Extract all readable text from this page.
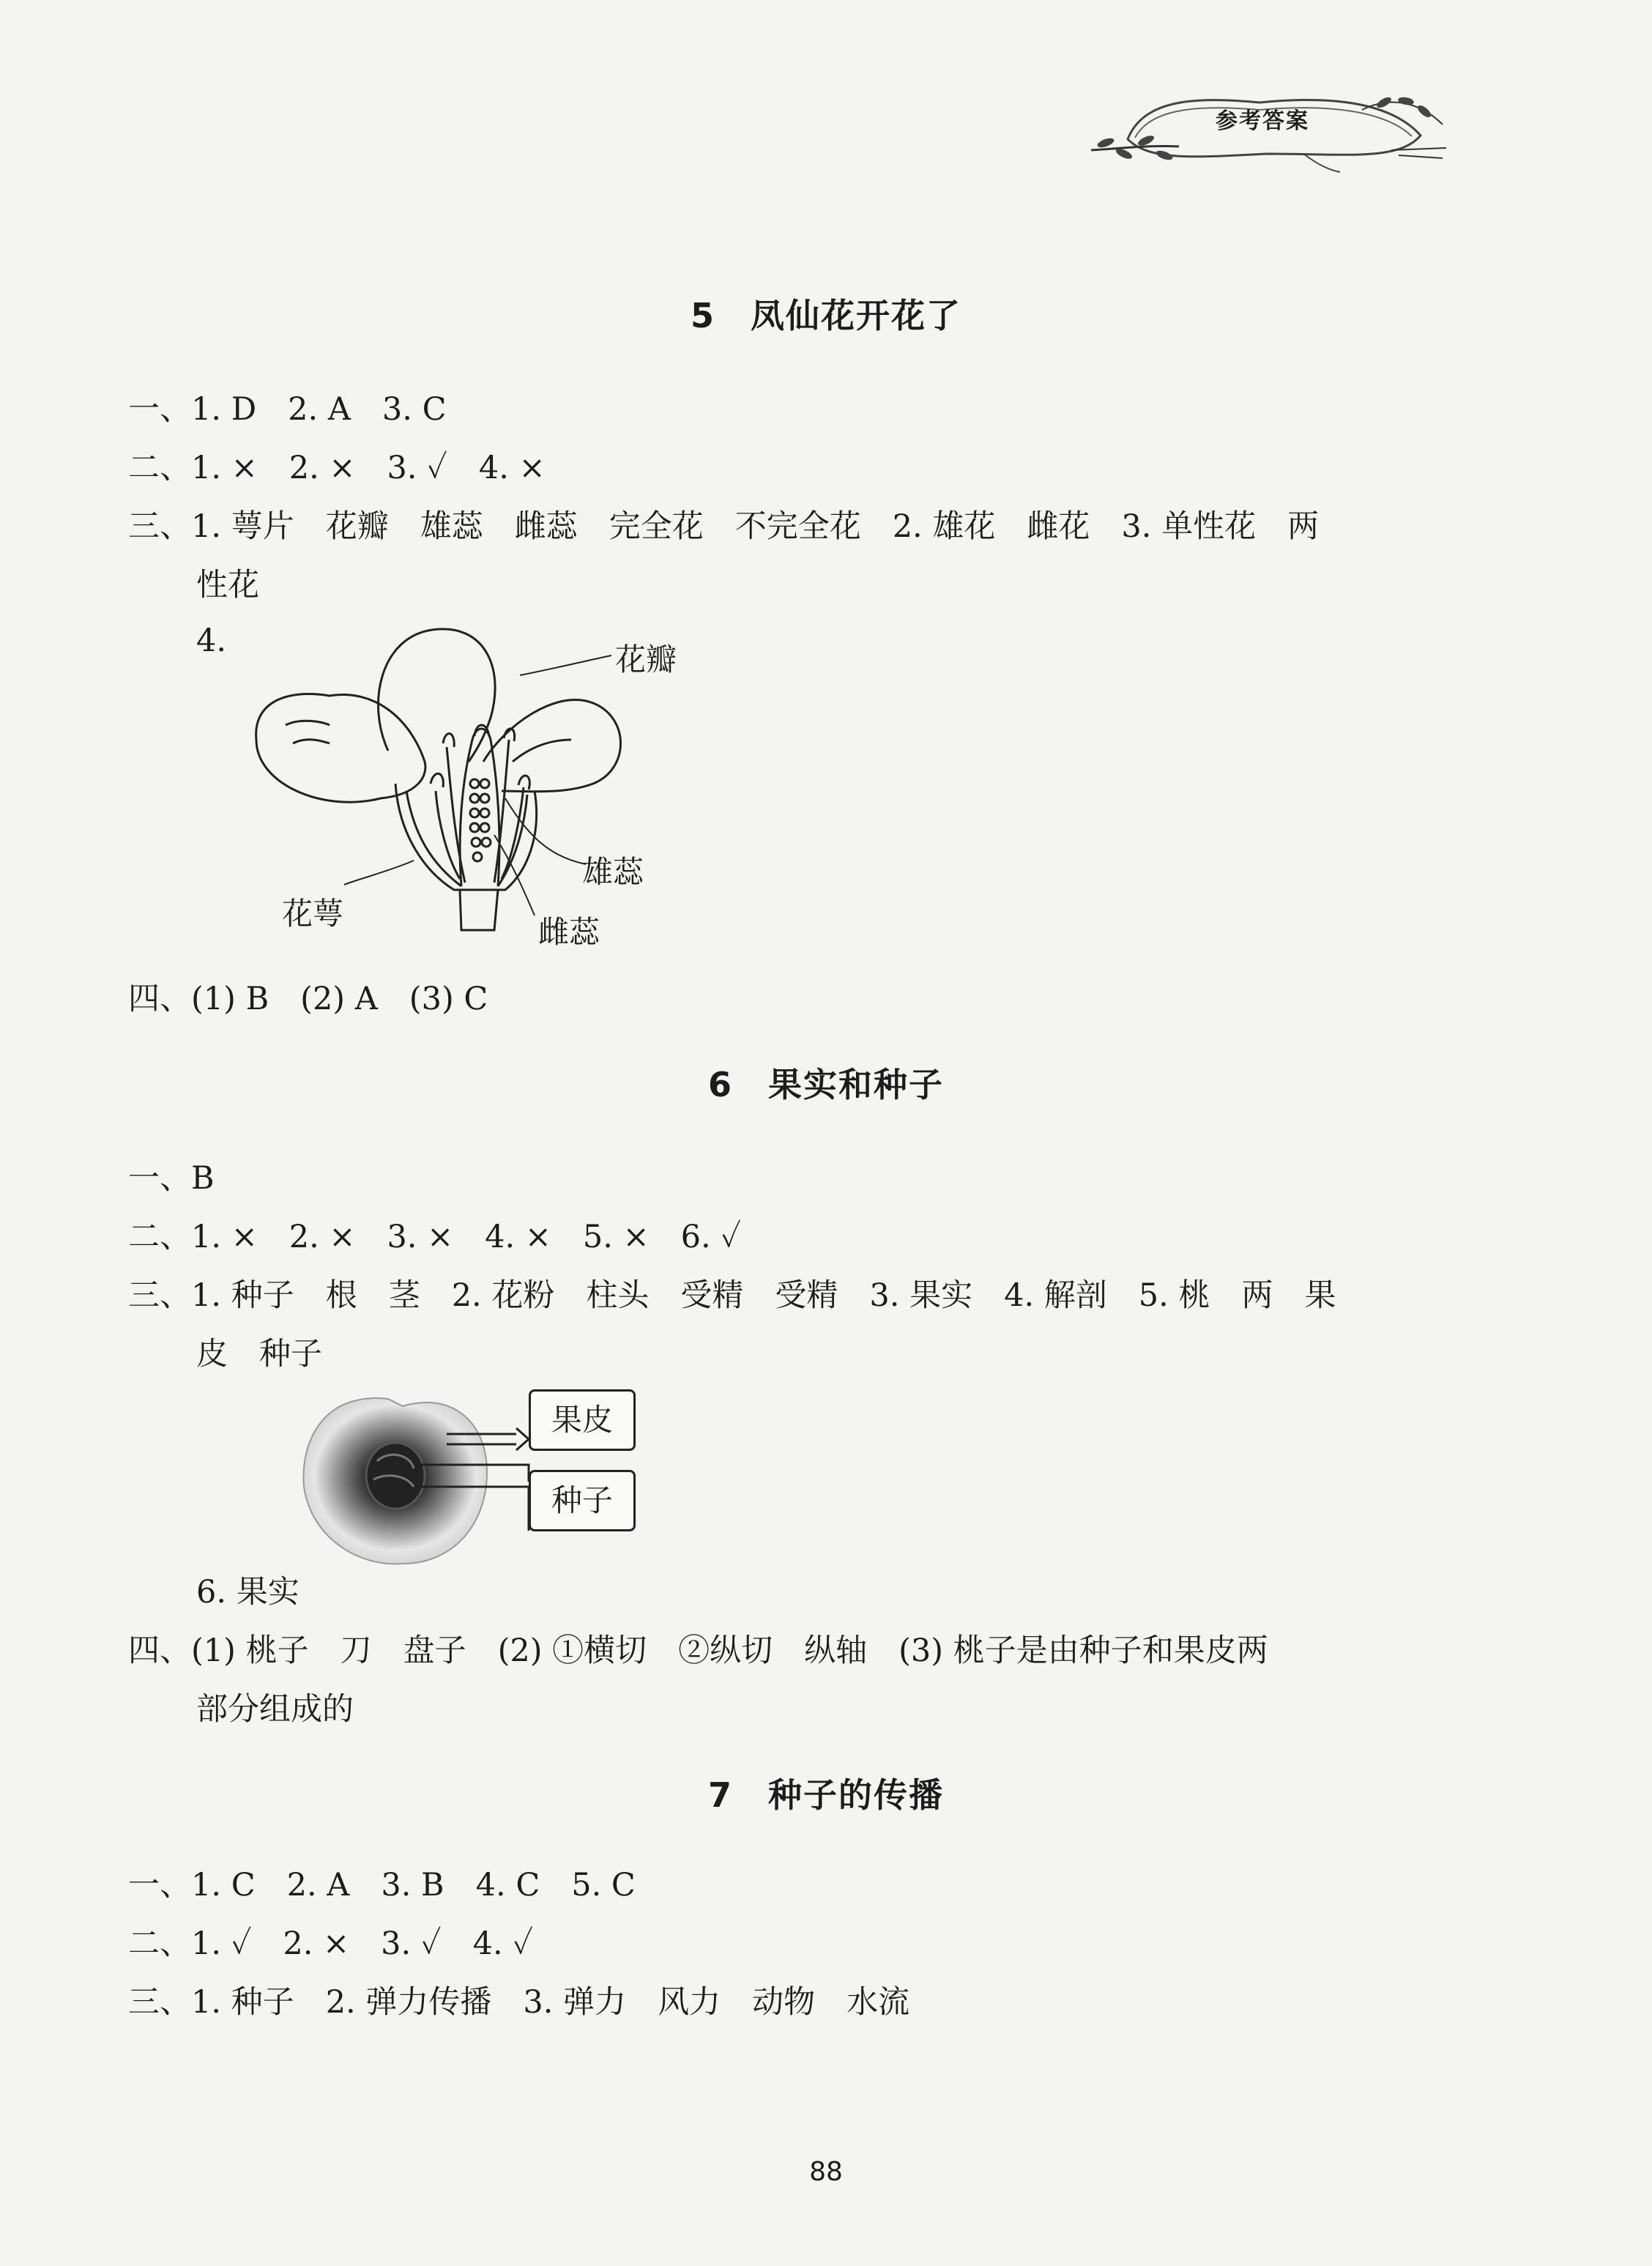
参考答案
5　凤仙花开花了
一、1. D　2. A　3. C
二、1. ×　2. ×　3. ✓　4. ×
三、1. 萼片　花瓣　雄蕊　雌蕊　完全花　不完全花　2. 雄花　雌花　3. 单性花　两
性花
4.
花瓣
雄蕊
花萼
雌蕊
四、(1) B　(2) A　(3) C
6　果实和种子
一、B
二、1. ×　2. ×　3. ×　4. ×　5. ×　6. ✓
三、1. 种子　根　茎　2. 花粉　柱头　受精　受精　3. 果实　4. 解剖　5. 桃　两　果
皮　种子
果皮
种子
6. 果实
四、(1) 桃子　刀　盘子　(2) ①横切　②纵切　纵轴　(3) 桃子是由种子和果皮两
部分组成的
7　种子的传播
一、1. C　2. A　3. B　4. C　5. C
二、1. ✓　2. ×　3. ✓　4. ✓
三、1. 种子　2. 弹力传播　3. 弹力　风力　动物　水流
88
